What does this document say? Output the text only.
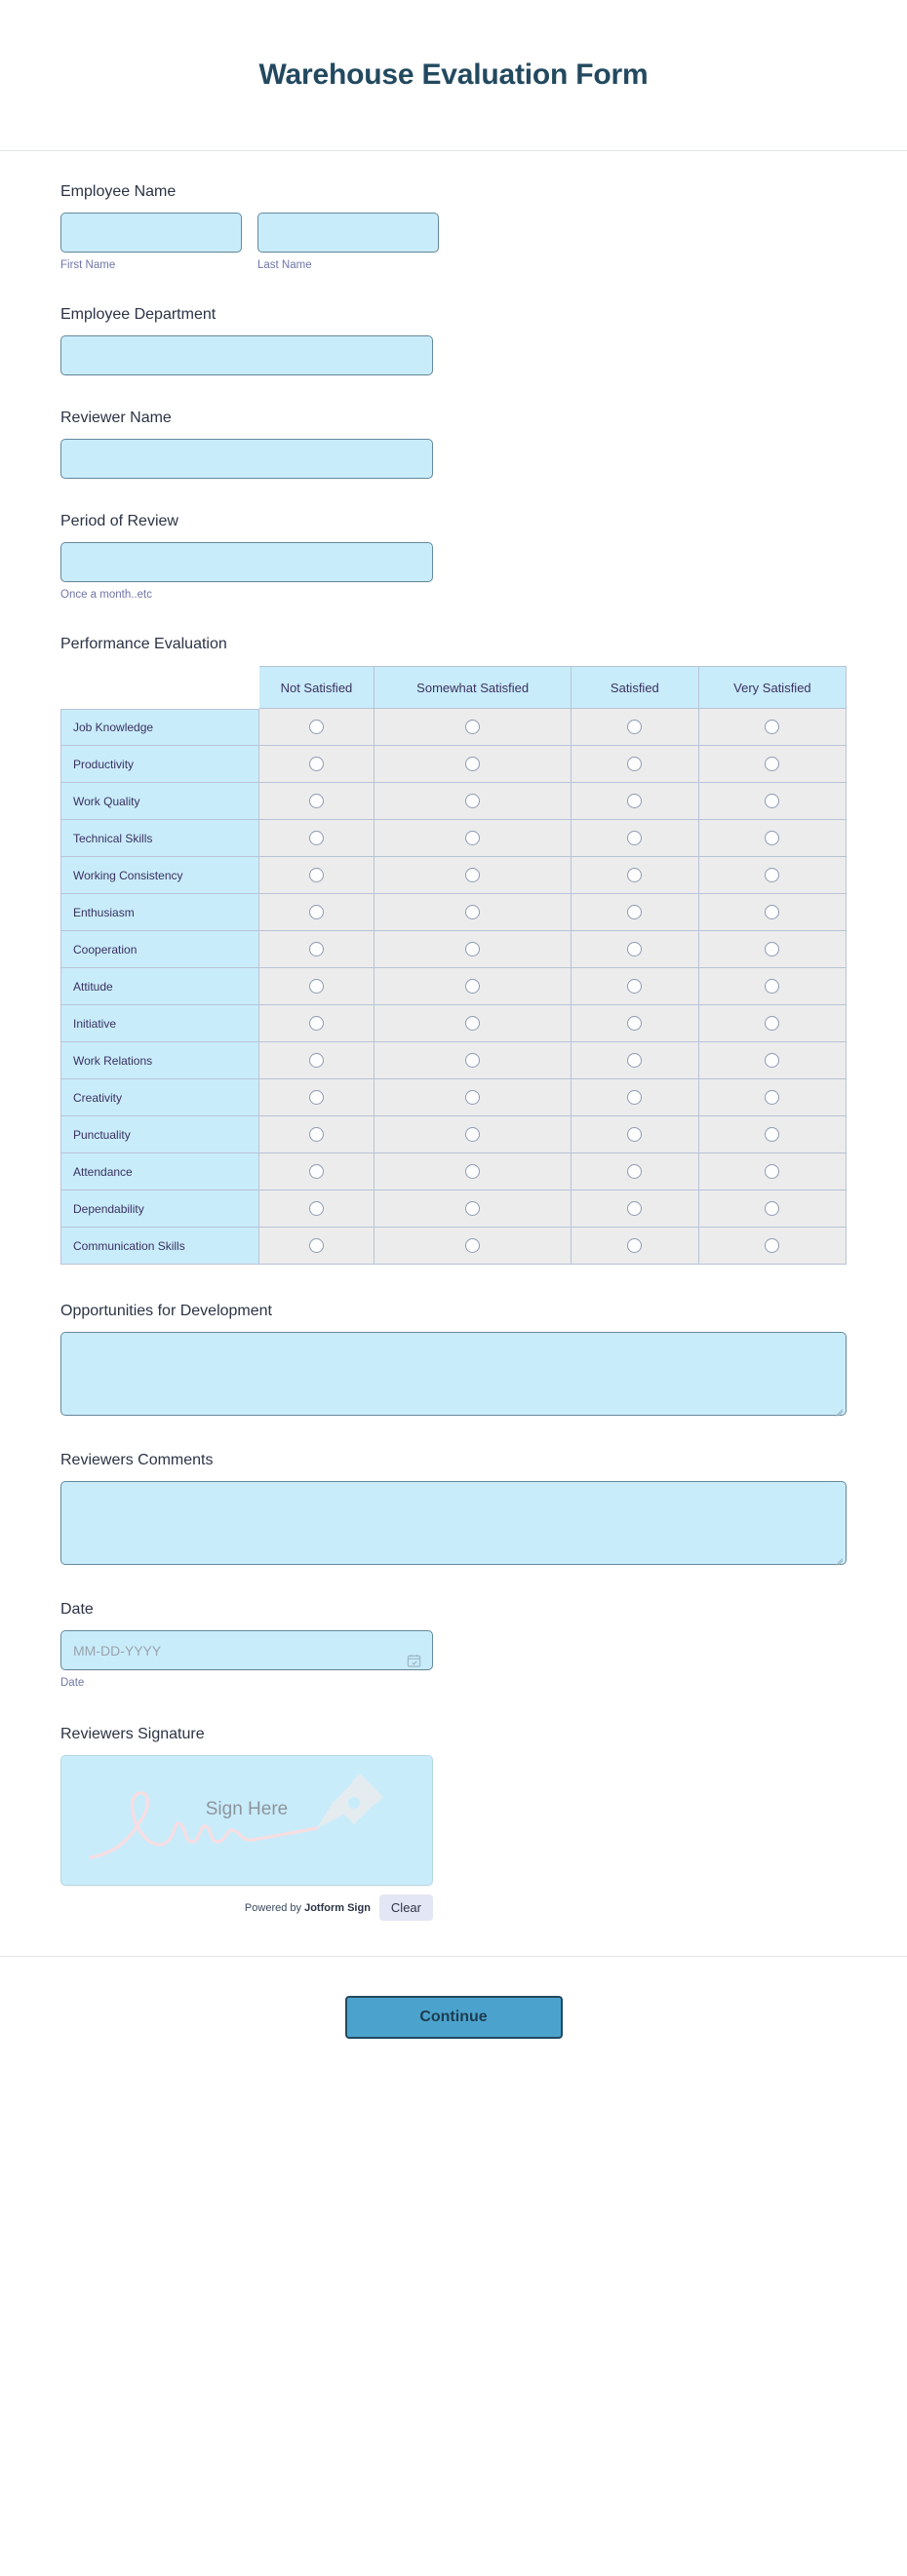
Warehouse Evaluation Form
Employee Name
First Name	Last Name
Employee Department
Reviewer Name
Period of Review
Once a month..etc
Performance Evaluation
	Not Satisfied	Somewhat Satisfied	Satisfied	Very Satisfied
Job Knowledge				
Productivity				
Work Quality				
Technical Skills				
Working Consistency				
Enthusiasm				
Cooperation				
Attitude				
Initiative				
Work Relations				
Creativity				
Punctuality				
Attendance				
Dependability				
Communication Skills				
Opportunities for Development
Reviewers Comments
Date
MM-DD-YYYY
Date
Reviewers Signature
Sign Here
Powered by Jotform Sign	Clear
Continue
